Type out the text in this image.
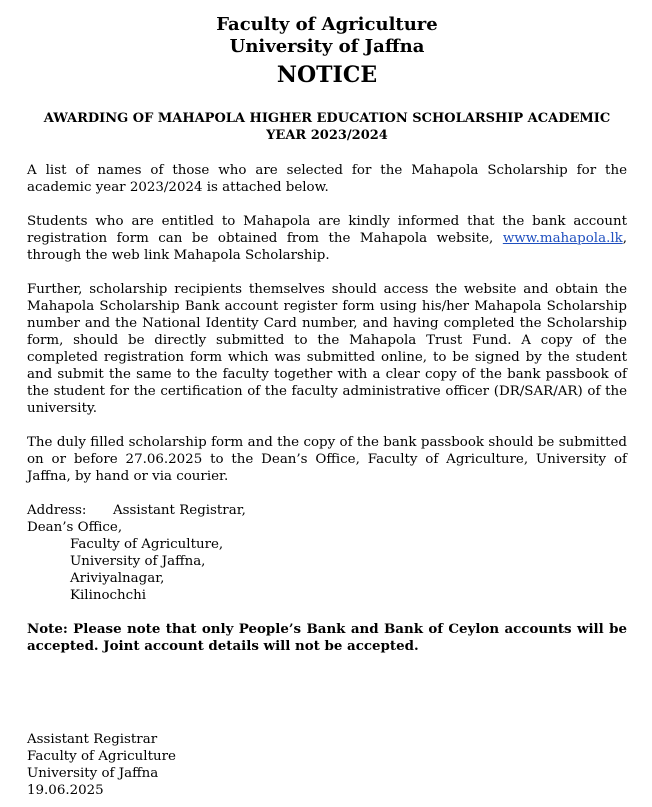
Faculty of Agriculture
University of Jaffna
NOTICE
AWARDING OF MAHAPOLA HIGHER EDUCATION SCHOLARSHIP ACADEMIC
YEAR 2023/2024

A list of names of those who are selected for the Mahapola Scholarship for the academic year 2023/2024 is attached below.

Students who are entitled to Mahapola are kindly informed that the bank account registration form can be obtained from the Mahapola website, www.mahapola.lk, through the web link Mahapola Scholarship.

Further, scholarship recipients themselves should access the website and obtain the Mahapola Scholarship Bank account register form using his/her Mahapola Scholarship number and the National Identity Card number, and having completed the Scholarship form, should be directly submitted to the Mahapola Trust Fund. A copy of the completed registration form which was submitted online, to be signed by the student and submit the same to the faculty together with a clear copy of the bank passbook of the student for the certification of the faculty administrative officer (DR/SAR/AR) of the university.

The duly filled scholarship form and the copy of the bank passbook should be submitted on or before 27.06.2025 to the Dean’s Office, Faculty of Agriculture, University of Jaffna, by hand or via courier.

Address: Assistant Registrar,
Dean’s Office,
Faculty of Agriculture,
University of Jaffna,
Ariviyalnagar,
Kilinochchi
Note: Please note that only People’s Bank and Bank of Ceylon accounts will be accepted. Joint account details will not be accepted.
Assistant Registrar
Faculty of Agriculture
University of Jaffna
19.06.2025
